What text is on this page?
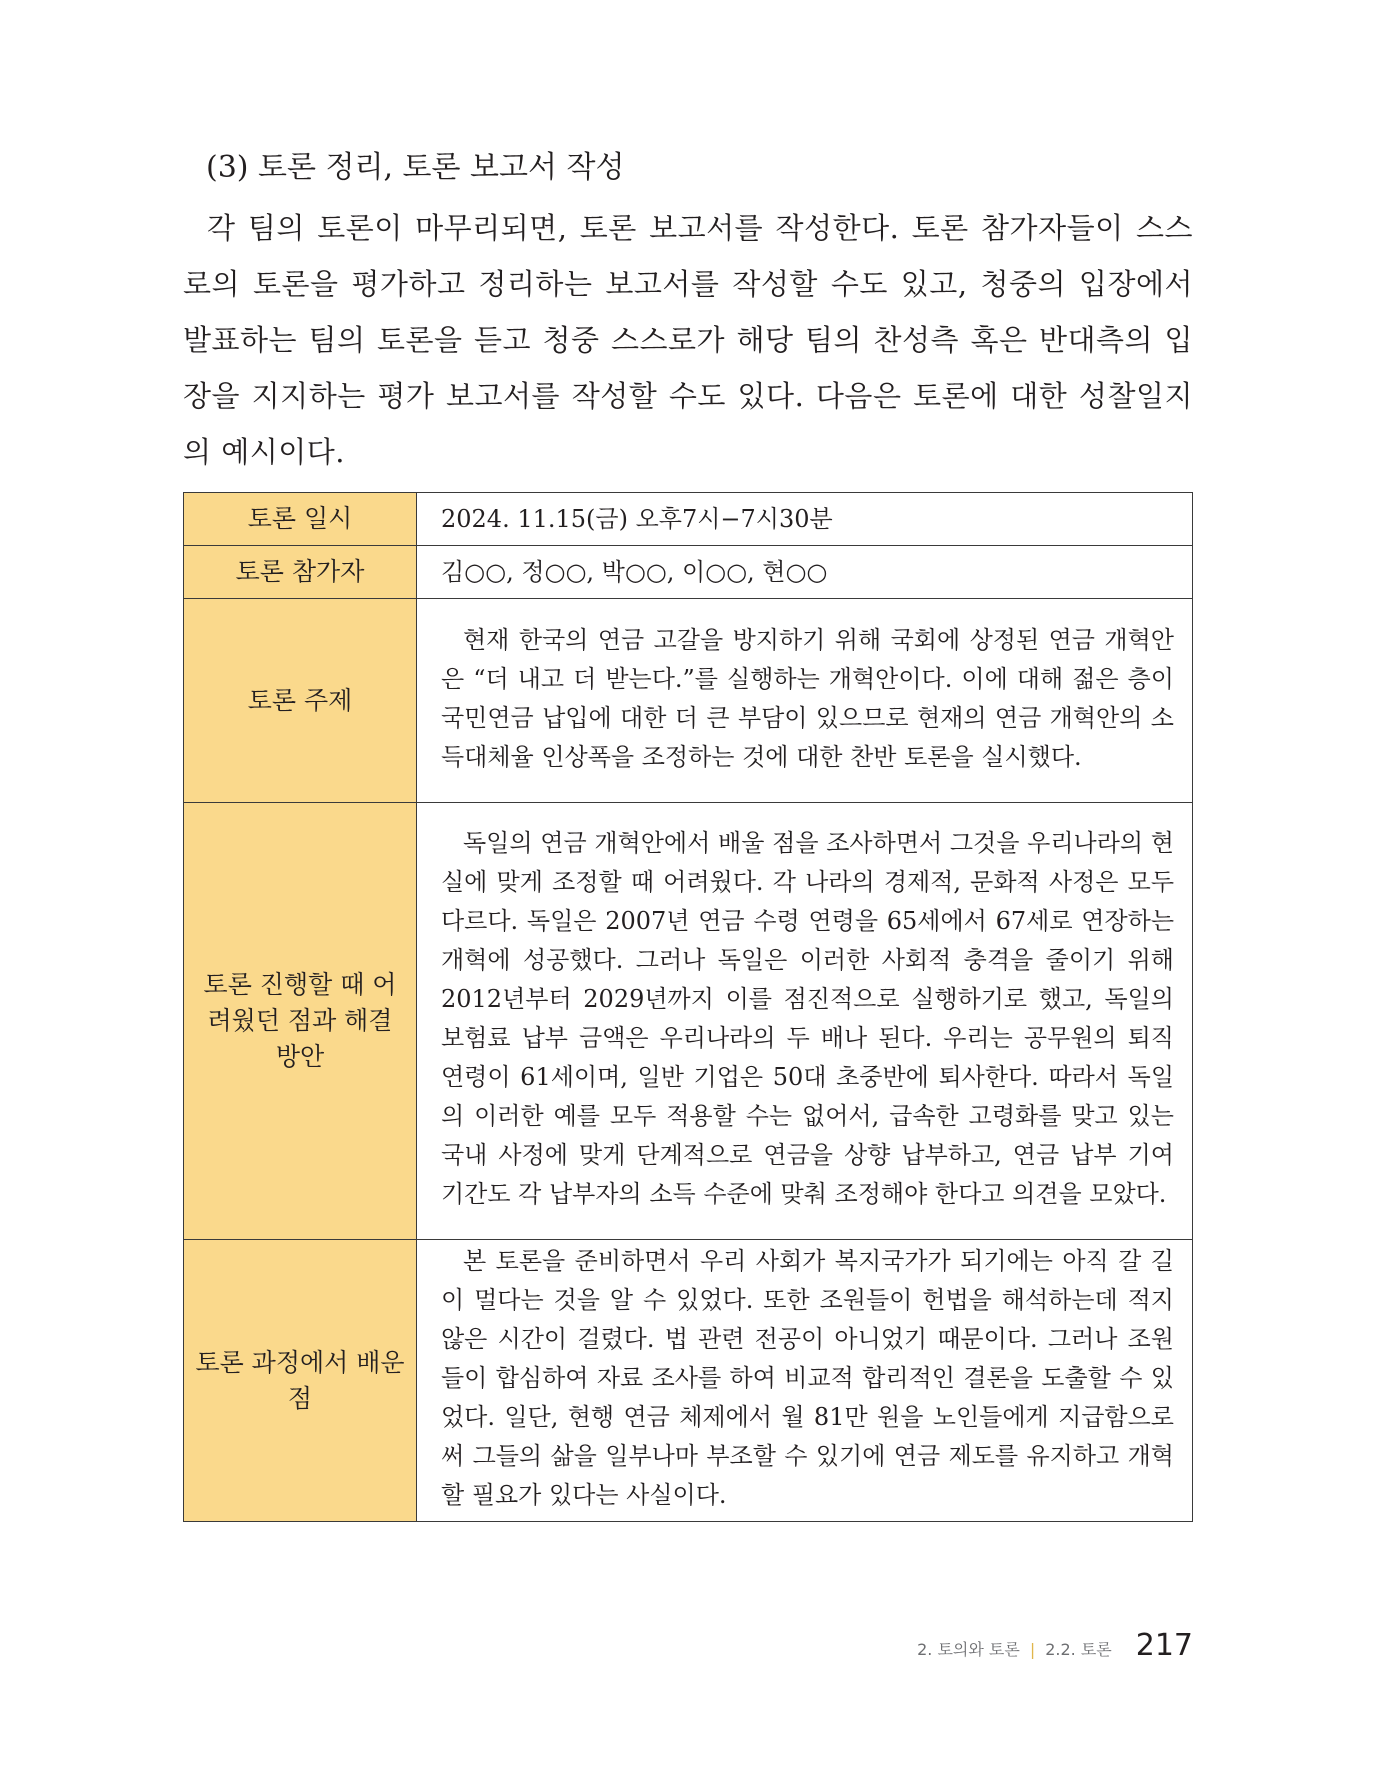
(3) 토론 정리, 토론 보고서 작성

각 팀의 토론이 마무리되면, 토론 보고서를 작성한다. 토론 참가자들이 스스로의 토론을 평가하고 정리하는 보고서를 작성할 수도 있고, 청중의 입장에서 발표하는 팀의 토론을 듣고 청중 스스로가 해당 팀의 찬성측 혹은 반대측의 입장을 지지하는 평가 보고서를 작성할 수도 있다. 다음은 토론에 대한 성찰일지의 예시이다.

토론 일시	2024. 11.15(금) 오후7시−7시30분
토론 참가자	김○○, 정○○, 박○○, 이○○, 현○○
토론 주제	현재 한국의 연금 고갈을 방지하기 위해 국회에 상정된 연금 개혁안은 “더 내고 더 받는다.”를 실행하는 개혁안이다. 이에 대해 젊은 층이 국민연금 납입에 대한 더 큰 부담이 있으므로 현재의 연금 개혁안의 소득대체율 인상폭을 조정하는 것에 대한 찬반 토론을 실시했다.

토론 진행할 때 어려웠던 점과 해결 방안	독일의 연금 개혁안에서 배울 점을 조사하면서 그것을 우리나라의 현실에 맞게 조정할 때 어려웠다. 각 나라의 경제적, 문화적 사정은 모두 다르다. 독일은 2007년 연금 수령 연령을 65세에서 67세로 연장하는 개혁에 성공했다. 그러나 독일은 이러한 사회적 충격을 줄이기 위해 2012년부터 2029년까지 이를 점진적으로 실행하기로 했고, 독일의 보험료 납부 금액은 우리나라의 두 배나 된다. 우리는 공무원의 퇴직 연령이 61세이며, 일반 기업은 50대 초중반에 퇴사한다. 따라서 독일의 이러한 예를 모두 적용할 수는 없어서, 급속한 고령화를 맞고 있는 국내 사정에 맞게 단계적으로 연금을 상향 납부하고, 연금 납부 기여 기간도 각 납부자의 소득 수준에 맞춰 조정해야 한다고 의견을 모았다.

토론 과정에서 배운 점	본 토론을 준비하면서 우리 사회가 복지국가가 되기에는 아직 갈 길이 멀다는 것을 알 수 있었다. 또한 조원들이 헌법을 해석하는데 적지 않은 시간이 걸렸다. 법 관련 전공이 아니었기 때문이다. 그러나 조원들이 합심하여 자료 조사를 하여 비교적 합리적인 결론을 도출할 수 있었다. 일단, 현행 연금 체제에서 월 81만 원을 노인들에게 지급함으로써 그들의 삶을 일부나마 부조할 수 있기에 연금 제도를 유지하고 개혁할 필요가 있다는 사실이다.
2. 토의와 토론 | 2.2. 토론 217
